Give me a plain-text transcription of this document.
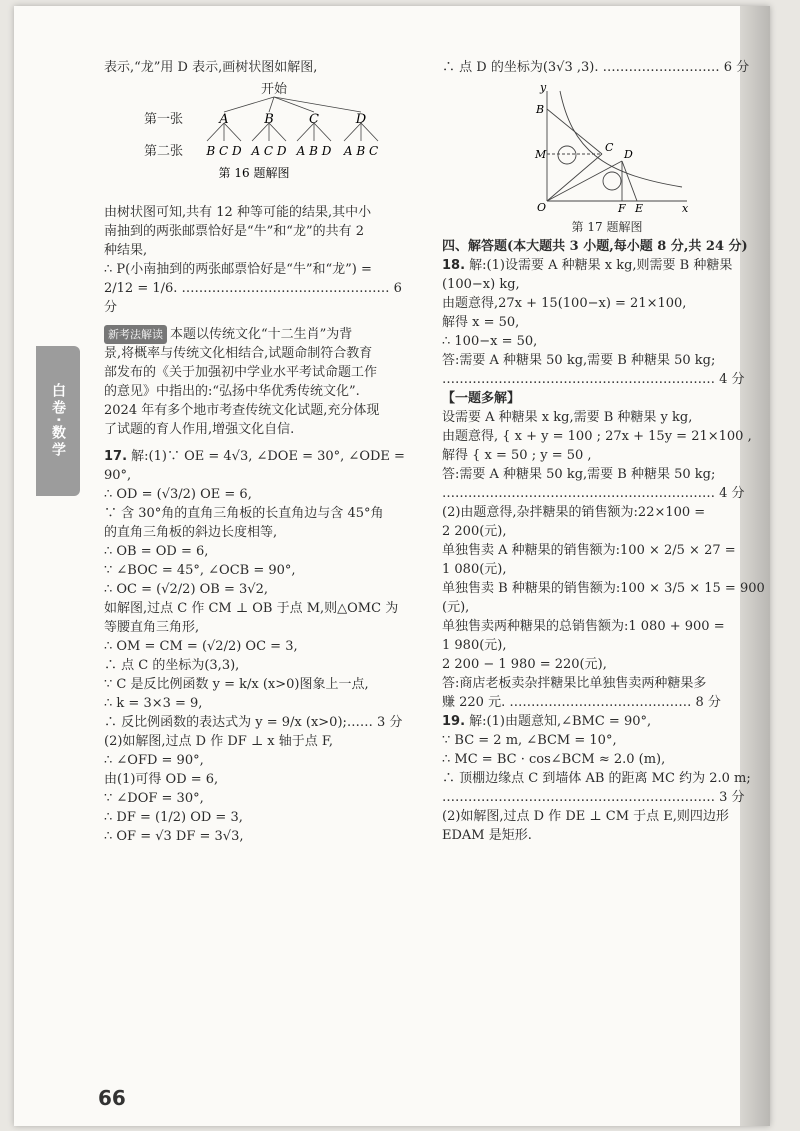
白卷·数学

表示,“龙”用 D 表示,画树状图如解图,

开始
第一张
第二张
A	B	C	D
B C D A C D A B D A B C
第 16 题解图

由树状图可知,共有 12 种等可能的结果,其中小

南抽到的两张邮票恰好是“牛”和“龙”的共有 2

种结果,

∴ P(小南抽到的两张邮票恰好是“牛”和“龙”) =

2/12 = 1/6. ………………………………………… 6 分

新考法解读 本题以传统文化“十二生肖”为背

景,将概率与传统文化相结合,试题命制符合教育

部发布的《关于加强初中学业水平考试命题工作

的意见》中指出的:“弘扬中华优秀传统文化”.

2024 年有多个地市考查传统文化试题,充分体现

了试题的育人作用,增强文化自信.

17. 解:(1)∵ OE = 4√3, ∠DOE = 30°, ∠ODE = 90°,

∴ OD = (√3/2) OE = 6,

∵ 含 30°角的直角三角板的长直角边与含 45°角

的直角三角板的斜边长度相等,

∴ OB = OD = 6,

∵ ∠BOC = 45°, ∠OCB = 90°,

∴ OC = (√2/2) OB = 3√2,

如解图,过点 C 作 CM ⊥ OB 于点 M,则△OMC 为

等腰直角三角形,

∴ OM = CM = (√2/2) OC = 3,

∴ 点 C 的坐标为(3,3),

∵ C 是反比例函数 y = k/x (x>0)图象上一点,

∴ k = 3×3 = 9,

∴ 反比例函数的表达式为 y = 9/x (x>0);…… 3 分

(2)如解图,过点 D 作 DF ⊥ x 轴于点 F,

∴ ∠OFD = 90°,

由(1)可得 OD = 6,

∵ ∠DOF = 30°,

∴ DF = (1/2) OD = 3,

∴ OF = √3 DF = 3√3,

∴ 点 D 的坐标为(3√3 ,3). ……………………… 6 分

y
B
M
C
D
O	F E	x

第 17 题解图

四、解答题(本大题共 3 小题,每小题 8 分,共 24 分)

18. 解:(1)设需要 A 种糖果 x kg,则需要 B 种糖果

(100−x) kg,

由题意得,27x + 15(100−x) = 21×100,

解得 x = 50,

∴ 100−x = 50,

答:需要 A 种糖果 50 kg,需要 B 种糖果 50 kg;

……………………………………………………… 4 分

【一题多解】

设需要 A 种糖果 x kg,需要 B 种糖果 y kg,

由题意得, { x + y = 100 ; 27x + 15y = 21×100 ,

解得 { x = 50 ; y = 50 ,

答:需要 A 种糖果 50 kg,需要 B 种糖果 50 kg;

……………………………………………………… 4 分

(2)由题意得,杂拌糖果的销售额为:22×100 =

2 200(元),

单独售卖 A 种糖果的销售额为:100 × 2/5 × 27 =

1 080(元),

单独售卖 B 种糖果的销售额为:100 × 3/5 × 15 = 900

(元),

单独售卖两种糖果的总销售额为:1 080 + 900 =

1 980(元),

2 200 − 1 980 = 220(元),

答:商店老板卖杂拌糖果比单独售卖两种糖果多

赚 220 元. …………………………………… 8 分

19. 解:(1)由题意知,∠BMC = 90°,

∵ BC = 2 m, ∠BCM = 10°,

∴ MC = BC · cos∠BCM ≈ 2.0 (m),

∴ 顶棚边缘点 C 到墙体 AB 的距离 MC 约为 2.0 m;

……………………………………………………… 3 分

(2)如解图,过点 D 作 DE ⊥ CM 于点 E,则四边形

EDAM 是矩形.

66
